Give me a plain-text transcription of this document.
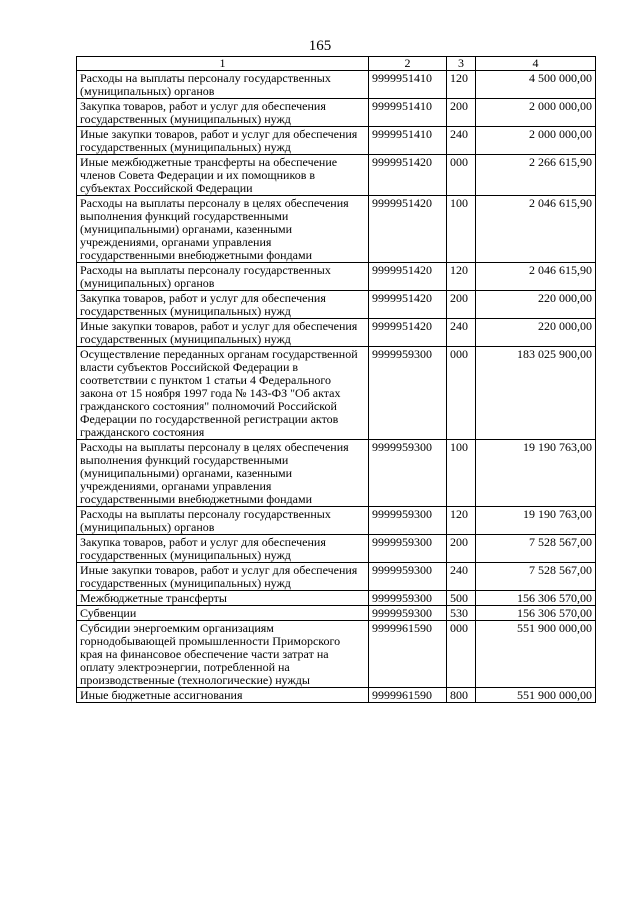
165
1	2	3	4
Расходы на выплаты персоналу государственных (муниципальных) органов	9999951410	120	4 500 000,00
Закупка товаров, работ и услуг для обеспечения государственных (муниципальных) нужд	9999951410	200	2 000 000,00
Иные закупки товаров, работ и услуг для обеспечения государственных (муниципальных) нужд	9999951410	240	2 000 000,00
Иные межбюджетные трансферты на обеспечение членов Совета Федерации и их помощников в субъектах Российской Федерации	9999951420	000	2 266 615,90
Расходы на выплаты персоналу в целях обеспечения выполнения функций государственными (муниципальными) органами, казенными учреждениями, органами управления государственными внебюджетными фондами	9999951420	100	2 046 615,90
Расходы на выплаты персоналу государственных (муниципальных) органов	9999951420	120	2 046 615,90
Закупка товаров, работ и услуг для обеспечения государственных (муниципальных) нужд	9999951420	200	220 000,00
Иные закупки товаров, работ и услуг для обеспечения государственных (муниципальных) нужд	9999951420	240	220 000,00
Осуществление переданных органам государственной власти субъектов Российской Федерации в соответствии с пунктом 1 статьи 4 Федерального закона от 15 ноября 1997 года № 143-ФЗ "Об актах гражданского состояния" полномочий Российской Федерации по государственной регистрации актов гражданского состояния	9999959300	000	183 025 900,00
Расходы на выплаты персоналу в целях обеспечения выполнения функций государственными (муниципальными) органами, казенными учреждениями, органами управления государственными внебюджетными фондами	9999959300	100	19 190 763,00
Расходы на выплаты персоналу государственных (муниципальных) органов	9999959300	120	19 190 763,00
Закупка товаров, работ и услуг для обеспечения государственных (муниципальных) нужд	9999959300	200	7 528 567,00
Иные закупки товаров, работ и услуг для обеспечения государственных (муниципальных) нужд	9999959300	240	7 528 567,00
Межбюджетные трансферты	9999959300	500	156 306 570,00
Субвенции	9999959300	530	156 306 570,00
Субсидии энергоемким организациям горнодобывающей промышленности Приморского края на финансовое обеспечение части затрат на оплату электроэнергии, потребленной на производственные (технологические) нужды	9999961590	000	551 900 000,00
Иные бюджетные ассигнования	9999961590	800	551 900 000,00
